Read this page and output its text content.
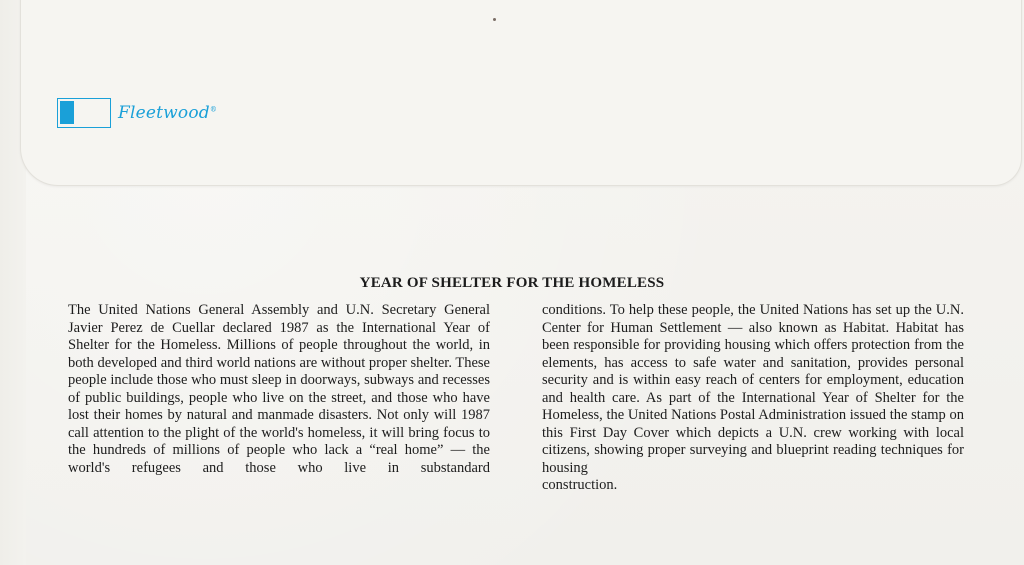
Fleetwood®
YEAR OF SHELTER FOR THE HOMELESS
The United Nations General Assembly and U.N. Secretary General Javier Perez de Cuellar declared 1987 as the International Year of Shelter for the Homeless. Millions of people throughout the world, in both developed and third world nations are without proper shelter. These people include those who must sleep in doorways, subways and recesses of public buildings, people who live on the street, and those who have lost their homes by natural and manmade disasters. Not only will 1987 call attention to the plight of the world's homeless, it will bring focus to the hundreds of millions of people who lack a “real home” — the world's refugees and those who live in substandard
conditions. To help these people, the United Nations has set up the U.N. Center for Human Settlement — also known as Habitat. Habitat has been responsible for providing housing which offers protection from the elements, has access to safe water and sanitation, provides personal security and is within easy reach of centers for employment, education and health care. As part of the International Year of Shelter for the Homeless, the United Nations Postal Administration issued the stamp on this First Day Cover which depicts a U.N. crew working with local citizens, showing proper surveying and blueprint reading techniques for housing
construction.
